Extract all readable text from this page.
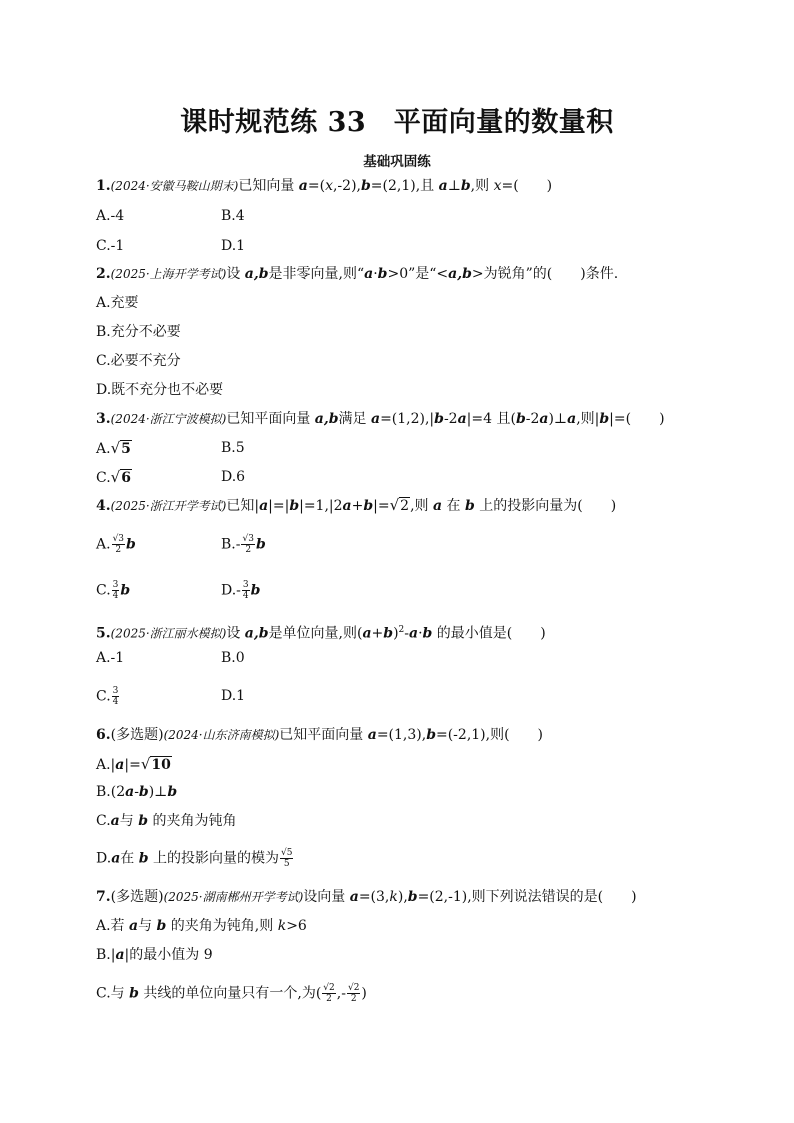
课时规范练 33　平面向量的数量积
基础巩固练
1.(2024·安徽马鞍山期末)已知向量 a=(x,-2),b=(2,1),且 a⊥b,则 x=(　　)
A.-4	B.4
C.-1	D.1
2.(2025·上海开学考试)设 a,b是非零向量,则“a·b>0”是“<a,b>为锐角”的(　　)条件.
A.充要
B.充分不必要
C.必要不充分
D.既不充分也不必要
3.(2024·浙江宁波模拟)已知平面向量 a,b满足 a=(1,2),|b-2a|=4 且(b-2a)⊥a,则|b|=(　　)
A.√5	B.5
C.√6	D.6
4.(2025·浙江开学考试)已知|a|=|b|=1,|2a+b|=√2,则 a 在 b 上的投影向量为(　　)
A. $\frac{√3}{2}$ b	$B.- \frac{√3}{2}$ b
C. $\frac{3}{4}$ b	$D.- \frac{3}{4}$ b
5.(2025·浙江丽水模拟)设 a,b是单位向量,则$(a+b)^2-a\cdot b$ 的最小值是(　　)
A.-1	B.0
C. $\frac{3}{4}$	D.1
6.(多选题)(2024·山东济南模拟)已知平面向量 a=(1,3),b=(-2,1),则(　　)
A.|a|=√10
B.(2a-b)⊥b
C.a与 b 的夹角为钝角
D.a在 b 上的投影向量的模为 $\frac{√5}{5}$
7.(多选题)(2025·湖南郴州开学考试)设向量 a=(3,k),b=(2,-1),则下列说法错误的是(　　)
A.若 a与 b 的夹角为钝角,则 k>6
B.|a|的最小值为 9
C.与 b 共线的单位向量只有一个,为( $\frac{√2}{2}$ ,- $\frac{√2}{2}$ )
